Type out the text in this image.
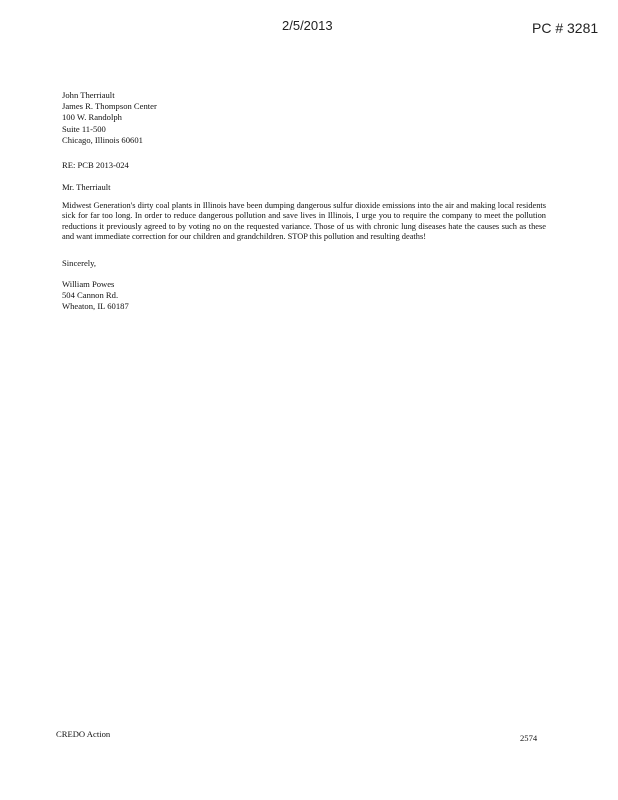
2/5/2013	PC # 3281
John Therriault
James R. Thompson Center
100 W. Randolph
Suite 11-500
Chicago, Illinois 60601
RE: PCB 2013-024
Mr. Therriault
Midwest Generation's dirty coal plants in Illinois have been dumping dangerous sulfur dioxide emissions into the air and making local residents sick for far too long. In order to reduce dangerous pollution and save lives in Illinois, I urge you to require the company to meet the pollution reductions it previously agreed to by voting no on the requested variance. Those of us with chronic lung diseases hate the causes such as these and want immediate correction for our children and grandchildren. STOP this pollution and resulting deaths!
Sincerely,
William Powes
504 Cannon Rd.
Wheaton, IL 60187
CREDO Action	2574
